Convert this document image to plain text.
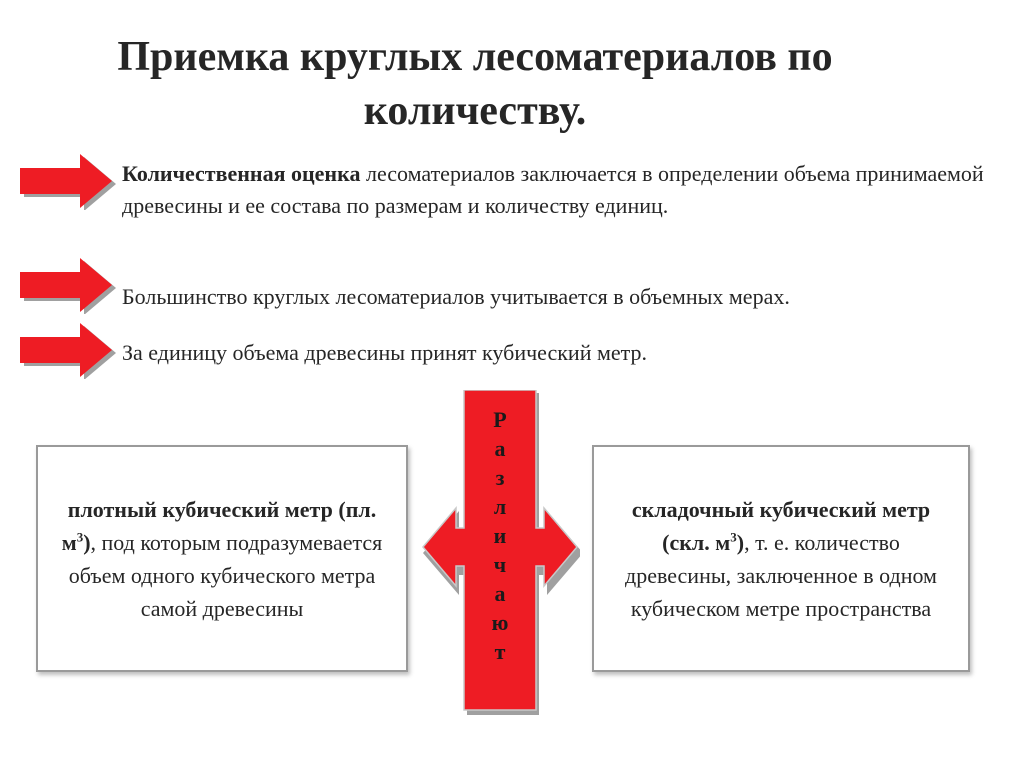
Приемка круглых лесоматериалов по
количеству.
Количественная оценка лесоматериалов заключается в определении объема принимаемой древесины и ее состава по размерам и количеству единиц.
Большинство круглых лесоматериалов учитывается в объемных мерах.
За единицу объема древесины принят кубический метр.
плотный кубический метр (пл. $м^3$), под которым подразумевается объем одного кубического метра самой древесины
складочный кубический метр (скл. $м^3$), т. е. количество древесины, заключенное в одном кубическом метре пространства
Р
а
з
л
и
ч
а
ю
т
